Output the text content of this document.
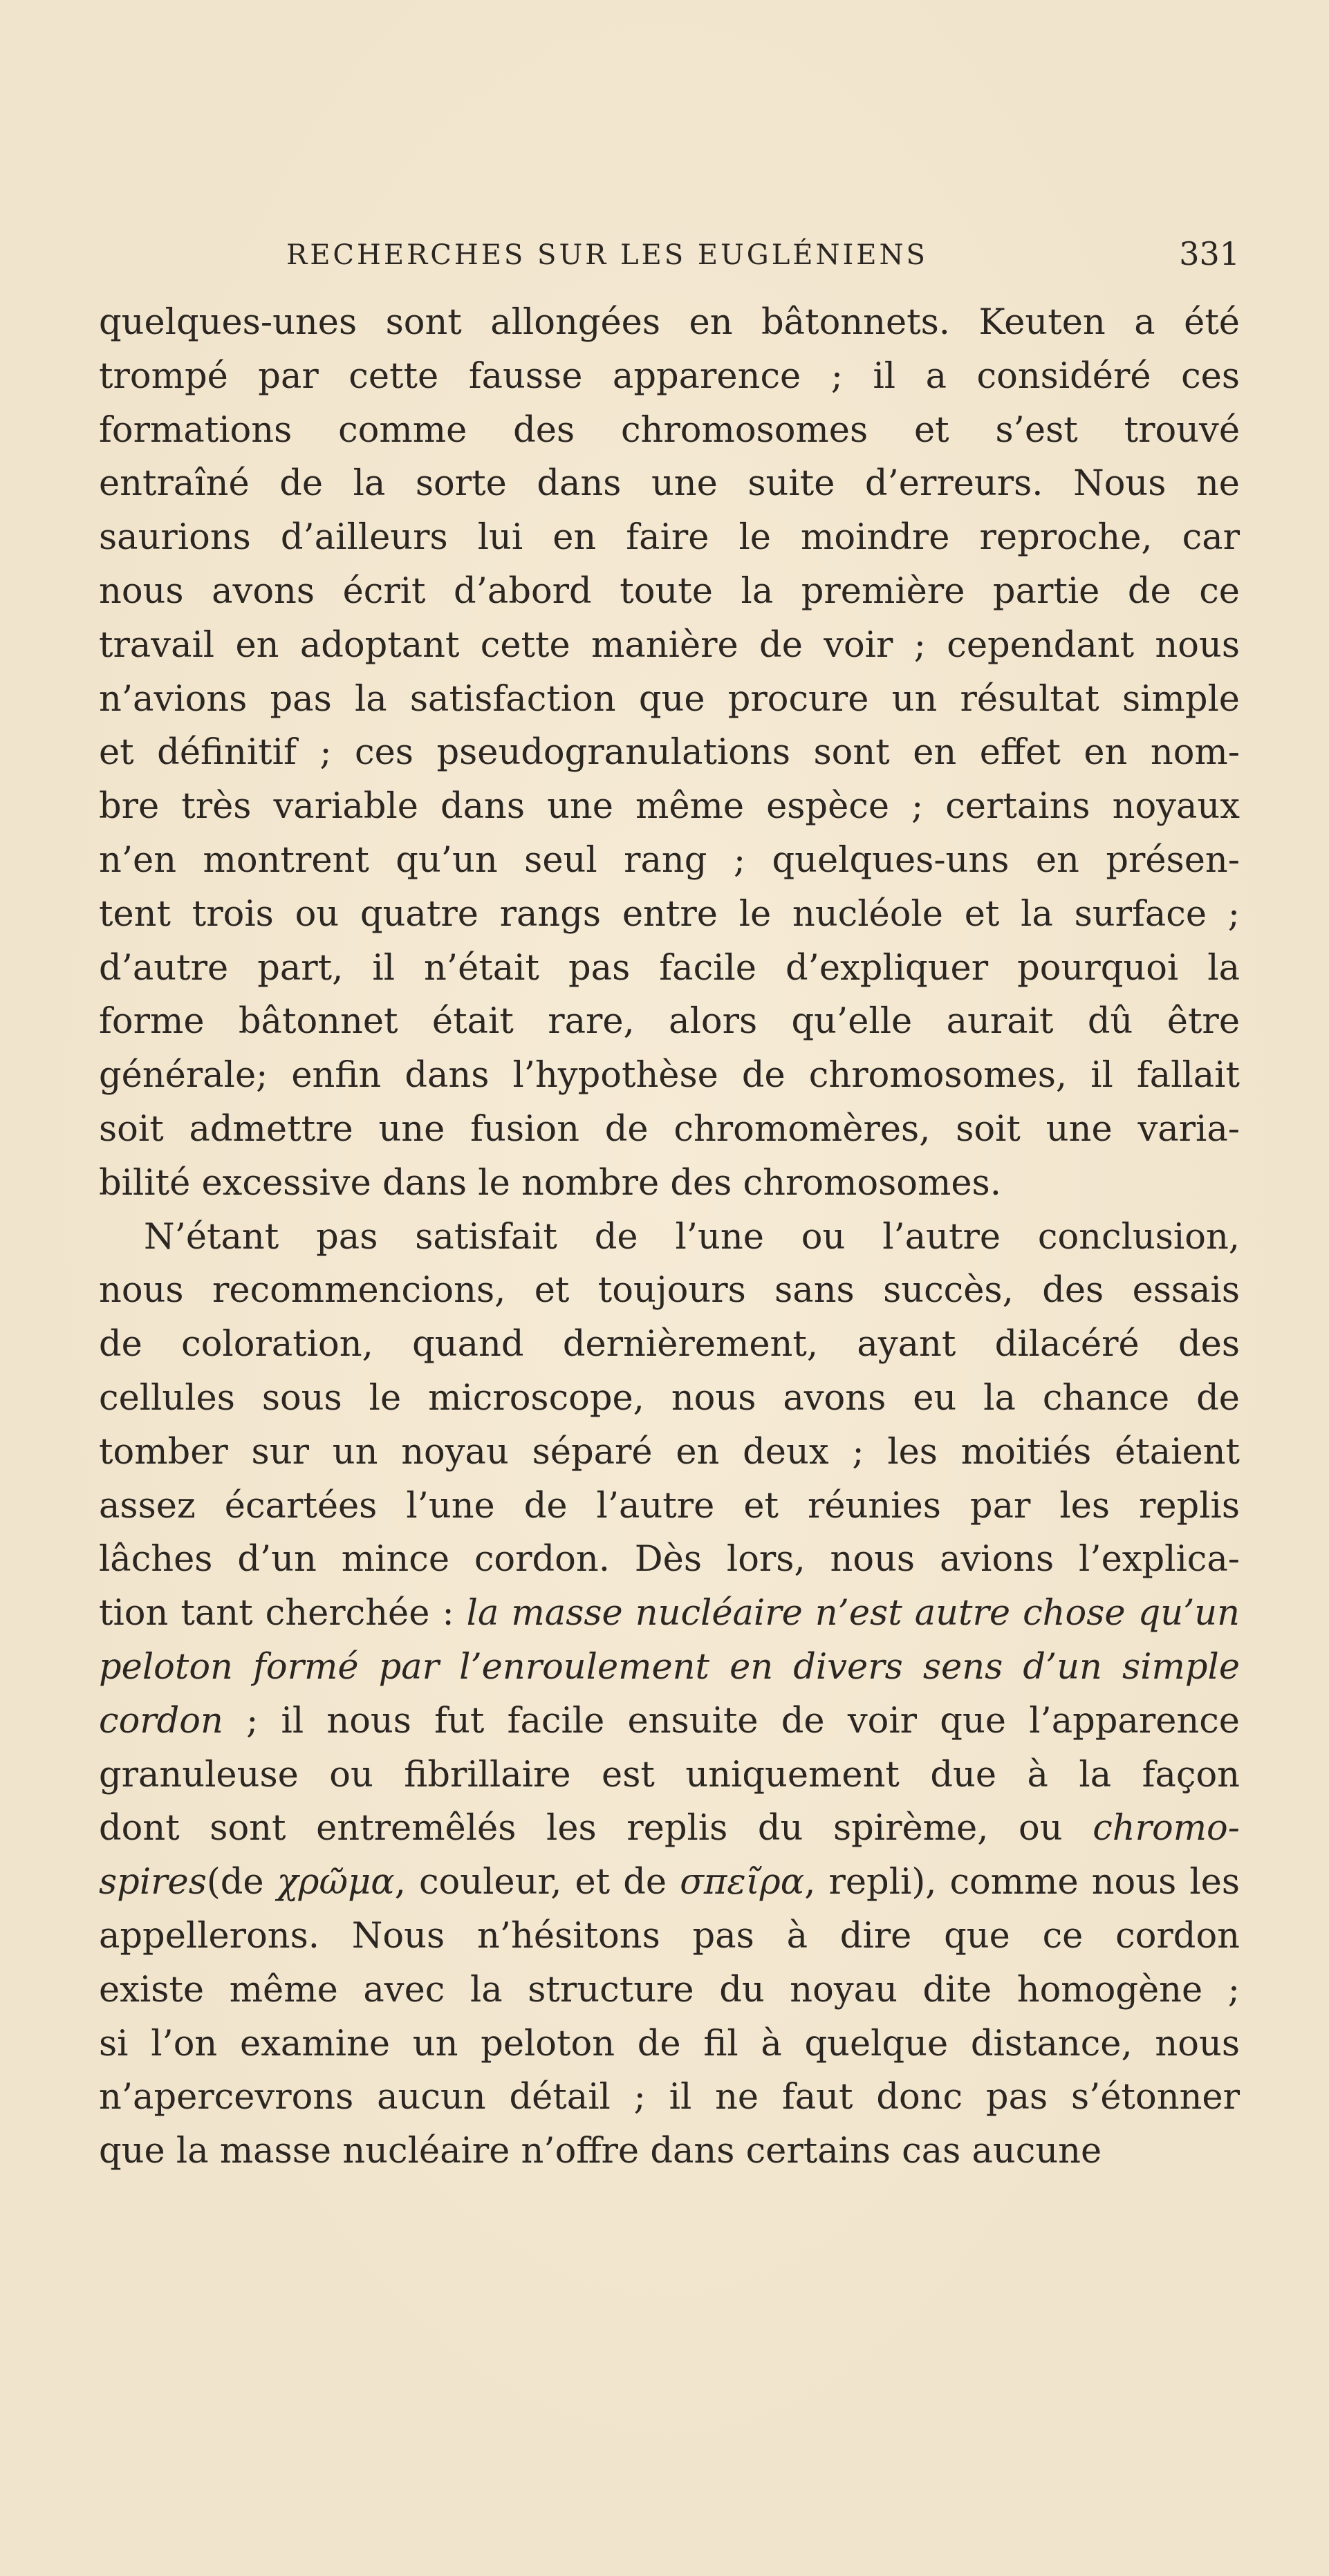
RECHERCHES SUR LES EUGLÉNIENS	331
quelques-unes sont allongées en bâtonnets. Keuten a été
trompé par cette fausse apparence ; il a considéré ces
formations comme des chromosomes et s’est trouvé
entraîné de la sorte dans une suite d’erreurs. Nous ne
saurions d’ailleurs lui en faire le moindre reproche, car
nous avons écrit d’abord toute la première partie de ce
travail en adoptant cette manière de voir ; cependant nous
n’avions pas la satisfaction que procure un résultat simple
et définitif ; ces pseudogranulations sont en effet en nom-
bre très variable dans une même espèce ; certains noyaux
n’en montrent qu’un seul rang ; quelques-uns en présen-
tent trois ou quatre rangs entre le nucléole et la surface ;
d’autre part, il n’était pas facile d’expliquer pourquoi la
forme bâtonnet était rare, alors qu’elle aurait dû être
générale; enfin dans l’hypothèse de chromosomes, il fallait
soit admettre une fusion de chromomères, soit une varia-
bilité excessive dans le nombre des chromosomes.
N’étant pas satisfait de l’une ou l’autre conclusion,
nous recommencions, et toujours sans succès, des essais
de coloration, quand dernièrement, ayant dilacéré des
cellules sous le microscope, nous avons eu la chance de
tomber sur un noyau séparé en deux ; les moitiés étaient
assez écartées l’une de l’autre et réunies par les replis
lâches d’un mince cordon. Dès lors, nous avions l’explica-
tion tant cherchée : la masse nucléaire n’est autre chose qu’un
peloton formé par l’enroulement en divers sens d’un simple
cordon ; il nous fut facile ensuite de voir que l’apparence
granuleuse ou fibrillaire est uniquement due à la façon
dont sont entremêlés les replis du spirème, ou chromo-
spires(de χρῶμα, couleur, et de σπεῖρα, repli), comme nous les
appellerons. Nous n’hésitons pas à dire que ce cordon
existe même avec la structure du noyau dite homogène ;
si l’on examine un peloton de fil à quelque distance, nous
n’apercevrons aucun détail ; il ne faut donc pas s’étonner
que la masse nucléaire n’offre dans certains cas aucune
